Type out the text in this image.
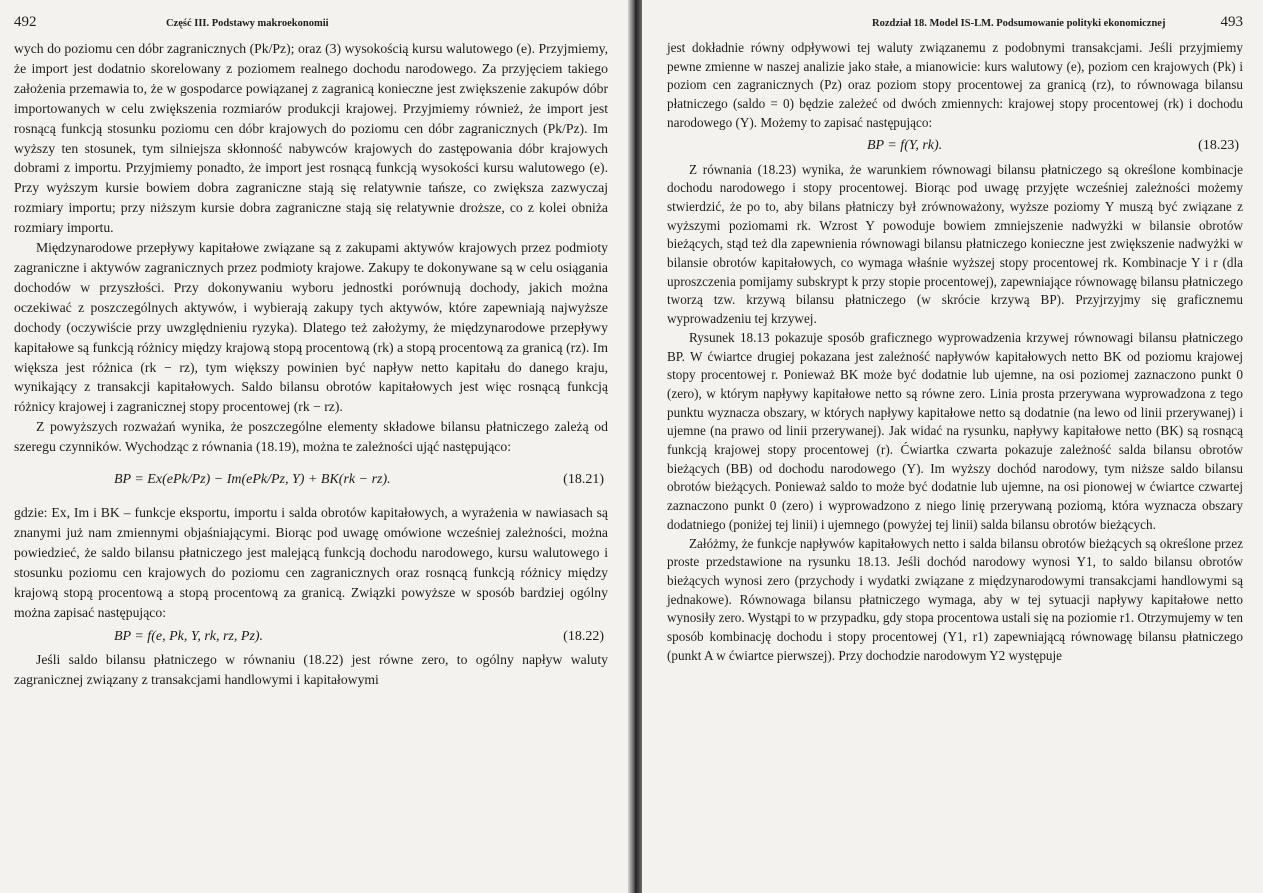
492	Część III. Podstawy makroekonomii

wych do poziomu cen dóbr zagranicznych (Pk/Pz); oraz (3) wysokością kursu walutowego (e). Przyjmiemy, że import jest dodatnio skorelowany z poziomem realnego dochodu narodowego. Za przyjęciem takiego założenia przemawia to, że w gospodarce powiązanej z zagranicą konieczne jest zwiększenie zakupów dóbr importowanych w celu zwiększenia rozmiarów produkcji krajowej. Przyjmiemy również, że import jest rosnącą funkcją stosunku poziomu cen dóbr krajowych do poziomu cen dóbr zagranicznych (Pk/Pz). Im wyższy ten stosunek, tym silniejsza skłonność nabywców krajowych do zastępowania dóbr krajowych dobrami z importu. Przyjmiemy ponadto, że import jest rosnącą funkcją wysokości kursu walutowego (e). Przy wyższym kursie bowiem dobra zagraniczne stają się relatywnie tańsze, co zwiększa zazwyczaj rozmiary importu; przy niższym kursie dobra zagraniczne stają się relatywnie droższe, co z kolei obniża rozmiary importu.

Międzynarodowe przepływy kapitałowe związane są z zakupami aktywów krajowych przez podmioty zagraniczne i aktywów zagranicznych przez podmioty krajowe. Zakupy te dokonywane są w celu osiągania dochodów w przyszłości. Przy dokonywaniu wyboru jednostki porównują dochody, jakich można oczekiwać z poszczególnych aktywów, i wybierają zakupy tych aktywów, które zapewniają najwyższe dochody (oczywiście przy uwzględnieniu ryzyka). Dlatego też założymy, że międzynarodowe przepływy kapitałowe są funkcją różnicy między krajową stopą procentową (rk) a stopą procentową za granicą (rz). Im większa jest różnica (rk − rz), tym większy powinien być napływ netto kapitału do danego kraju, wynikający z transakcji kapitałowych. Saldo bilansu obrotów kapitałowych jest więc rosnącą funkcją różnicy krajowej i zagranicznej stopy procentowej (rk − rz).

Z powyższych rozważań wynika, że poszczególne elementy składowe bilansu płatniczego zależą od szeregu czynników. Wychodząc z równania (18.19), można te zależności ująć następująco:

BP = Ex(ePk/Pz) − Im(ePk/Pz, Y) + BK(rk − rz).	(18.21)

gdzie: Ex, Im i BK – funkcje eksportu, importu i salda obrotów kapitałowych, a wyrażenia w nawiasach są znanymi już nam zmiennymi objaśniającymi. Biorąc pod uwagę omówione wcześniej zależności, można powiedzieć, że saldo bilansu płatniczego jest malejącą funkcją dochodu narodowego, kursu walutowego i stosunku poziomu cen krajowych do poziomu cen zagranicznych oraz rosnącą funkcją różnicy między krajową stopą procentową a stopą procentową za granicą. Związki powyższe w sposób bardziej ogólny można zapisać następująco:

BP = f(e, Pk, Y, rk, rz, Pz).	(18.22)

Jeśli saldo bilansu płatniczego w równaniu (18.22) jest równe zero, to ogólny napływ waluty zagranicznej związany z transakcjami handlowymi i kapitałowymi

Rozdział 18. Model IS-LM. Podsumowanie polityki ekonomicznej	493

jest dokładnie równy odpływowi tej waluty związanemu z podobnymi transakcjami. Jeśli przyjmiemy pewne zmienne w naszej analizie jako stałe, a mianowicie: kurs walutowy (e), poziom cen krajowych (Pk) i poziom cen zagranicznych (Pz) oraz poziom stopy procentowej za granicą (rz), to równowaga bilansu płatniczego (saldo = 0) będzie zależeć od dwóch zmiennych: krajowej stopy procentowej (rk) i dochodu narodowego (Y). Możemy to zapisać następująco:

BP = f(Y, rk).	(18.23)

Z równania (18.23) wynika, że warunkiem równowagi bilansu płatniczego są określone kombinacje dochodu narodowego i stopy procentowej. Biorąc pod uwagę przyjęte wcześniej zależności możemy stwierdzić, że po to, aby bilans płatniczy był zrównoważony, wyższe poziomy Y muszą być związane z wyższymi poziomami rk. Wzrost Y powoduje bowiem zmniejszenie nadwyżki w bilansie obrotów bieżących, stąd też dla zapewnienia równowagi bilansu płatniczego konieczne jest zwiększenie nadwyżki w bilansie obrotów kapitałowych, co wymaga właśnie wyższej stopy procentowej rk. Kombinacje Y i r (dla uproszczenia pomijamy subskrypt k przy stopie procentowej), zapewniające równowagę bilansu płatniczego tworzą tzw. krzywą bilansu płatniczego (w skrócie krzywą BP). Przyjrzyjmy się graficznemu wyprowadzeniu tej krzywej.

Rysunek 18.13 pokazuje sposób graficznego wyprowadzenia krzywej równowagi bilansu płatniczego BP. W ćwiartce drugiej pokazana jest zależność napływów kapitałowych netto BK od poziomu krajowej stopy procentowej r. Ponieważ BK może być dodatnie lub ujemne, na osi poziomej zaznaczono punkt 0 (zero), w którym napływy kapitałowe netto są równe zero. Linia prosta przerywana wyprowadzona z tego punktu wyznacza obszary, w których napływy kapitałowe netto są dodatnie (na lewo od linii przerywanej) i ujemne (na prawo od linii przerywanej). Jak widać na rysunku, napływy kapitałowe netto (BK) są rosnącą funkcją krajowej stopy procentowej (r). Ćwiartka czwarta pokazuje zależność salda bilansu obrotów bieżących (BB) od dochodu narodowego (Y). Im wyższy dochód narodowy, tym niższe saldo bilansu obrotów bieżących. Ponieważ saldo to może być dodatnie lub ujemne, na osi pionowej w ćwiartce czwartej zaznaczono punkt 0 (zero) i wyprowadzono z niego linię przerywaną poziomą, która wyznacza obszary dodatniego (poniżej tej linii) i ujemnego (powyżej tej linii) salda bilansu obrotów bieżących.

Załóżmy, że funkcje napływów kapitałowych netto i salda bilansu obrotów bieżących są określone przez proste przedstawione na rysunku 18.13. Jeśli dochód narodowy wynosi Y1, to saldo bilansu obrotów bieżących wynosi zero (przychody i wydatki związane z międzynarodowymi transakcjami handlowymi są jednakowe). Równowaga bilansu płatniczego wymaga, aby w tej sytuacji napływy kapitałowe netto wynosiły zero. Wystąpi to w przypadku, gdy stopa procentowa ustali się na poziomie r1. Otrzymujemy w ten sposób kombinację dochodu i stopy procentowej (Y1, r1) zapewniającą równowagę bilansu płatniczego (punkt A w ćwiartce pierwszej). Przy dochodzie narodowym Y2 występuje
